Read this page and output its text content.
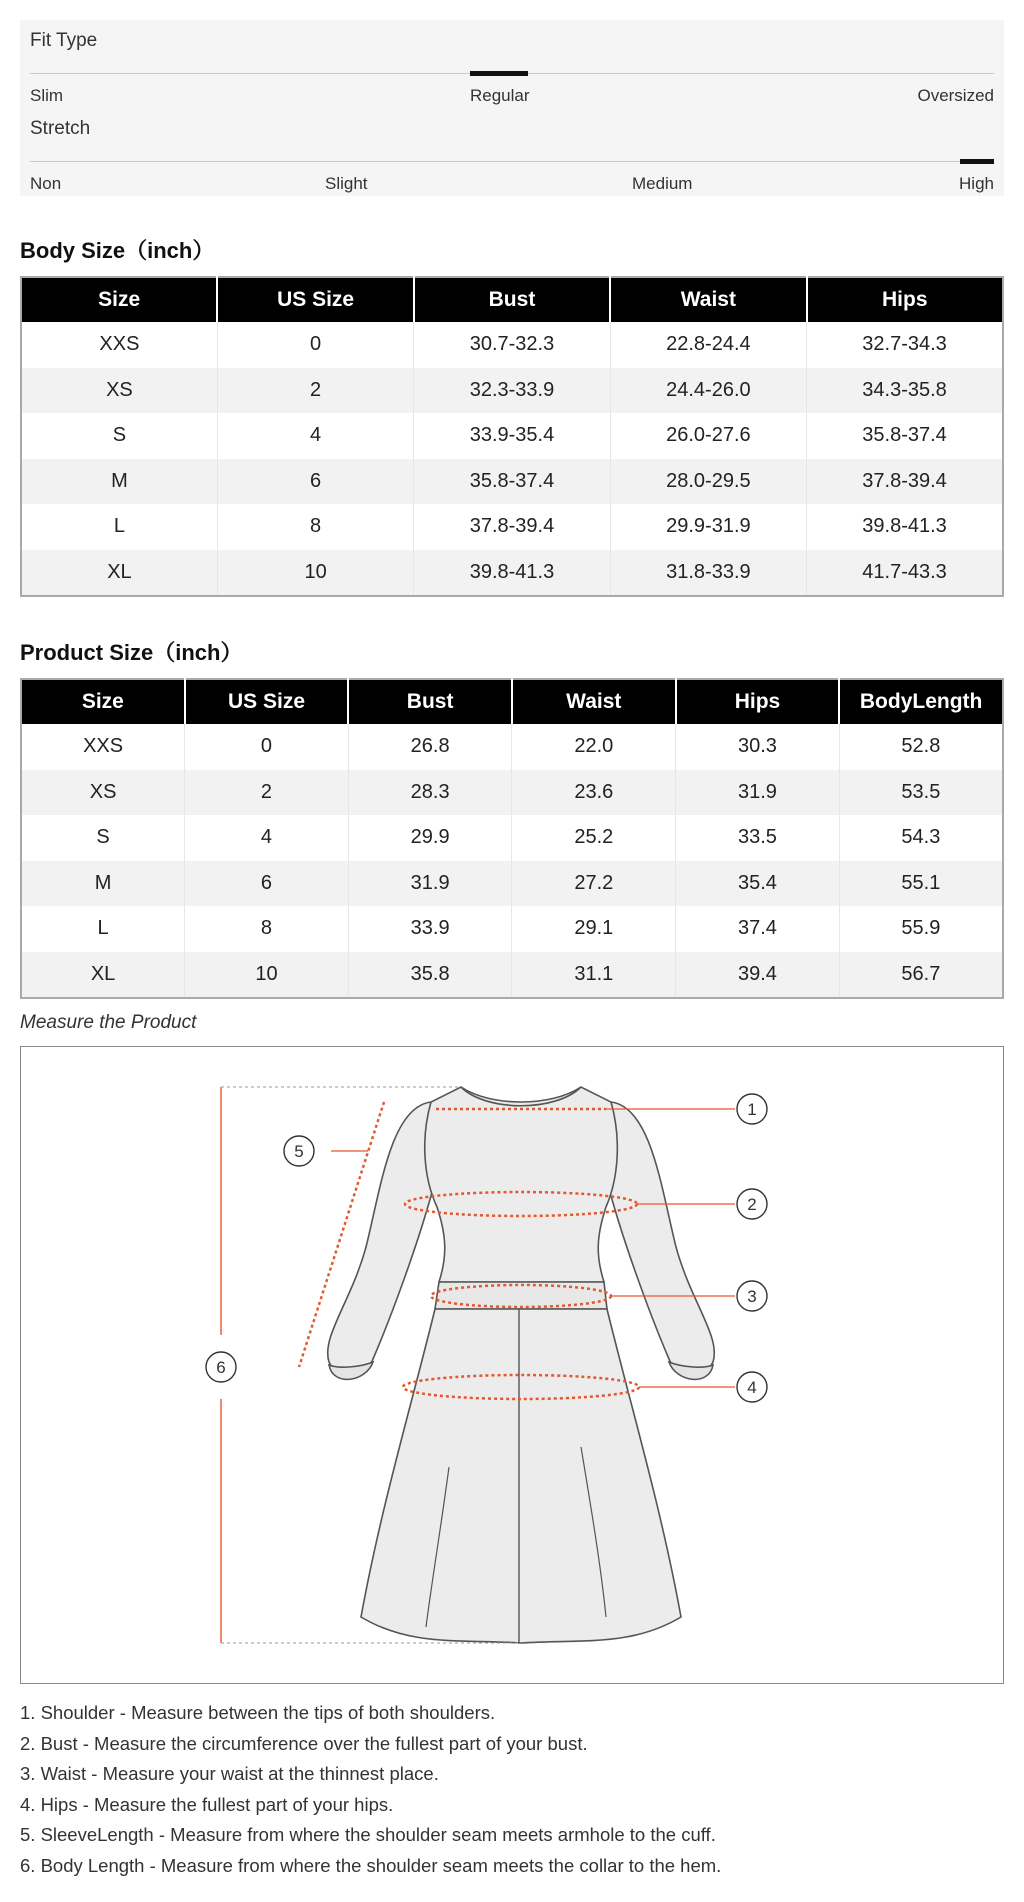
Fit Type
Slim	Regular	Oversized
Stretch
Non	Slight	Medium	High
Body Size（inch）
Size	US Size	Bust	Waist	Hips
XXS	0	30.7-32.3	22.8-24.4	32.7-34.3
XS	2	32.3-33.9	24.4-26.0	34.3-35.8
S	4	33.9-35.4	26.0-27.6	35.8-37.4
M	6	35.8-37.4	28.0-29.5	37.8-39.4
L	8	37.8-39.4	29.9-31.9	39.8-41.3
XL	10	39.8-41.3	31.8-33.9	41.7-43.3
Product Size（inch）
Size	US Size	Bust	Waist	Hips	BodyLength
XXS	0	26.8	22.0	30.3	52.8
XS	2	28.3	23.6	31.9	53.5
S	4	29.9	25.2	33.5	54.3
M	6	31.9	27.2	35.4	55.1
L	8	33.9	29.1	37.4	55.9
XL	10	35.8	31.1	39.4	56.7
Measure the Product
1
2
3
4
5
6
1. Shoulder - Measure between the tips of both shoulders.
2. Bust - Measure the circumference over the fullest part of your bust.
3. Waist - Measure your waist at the thinnest place.
4. Hips - Measure the fullest part of your hips.
5. SleeveLength - Measure from where the shoulder seam meets armhole to the cuff.
6. Body Length - Measure from where the shoulder seam meets the collar to the hem.
